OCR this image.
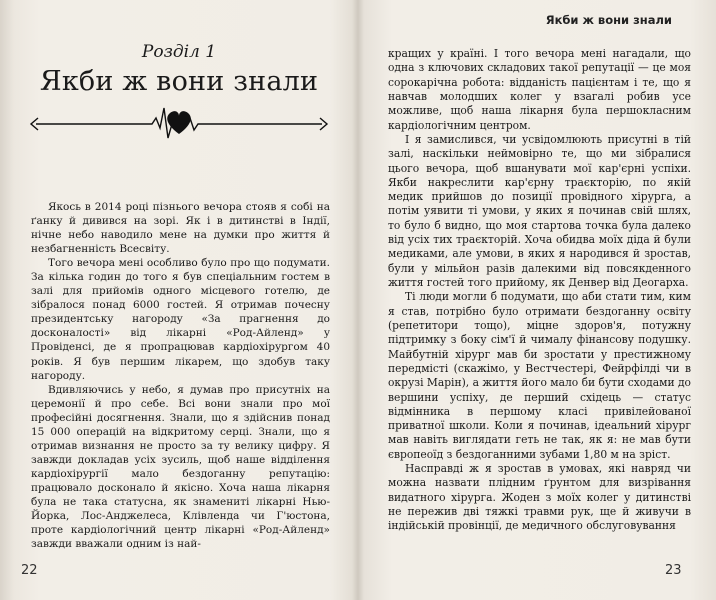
Розділ 1
Якби ж вони знали

Якось в 2014 році пізнього вечора стояв я собі на ґанку й дивився на зорі. Як і в дитинстві в Індії, нічне небо наводило мене на думки про життя й незбагненність Всесвіту.

Того вечора мені особливо було про що подумати. За кілька годин до того я був спеціальним гостем в залі для прийомів одного місцевого готелю, де зібралося понад 6000 гостей. Я отримав почесну президентську нагороду «За прагнення до досконалості» від лікарні «Род-Айленд» у Провіденсі, де я пропрацював кардіохірургом 40 років. Я був першим лікарем, що здобув таку нагороду.

Вдивляючись у небо, я думав про присутніх на церемонії й про себе. Всі вони знали про мої професійні досягнення. Знали, що я здійснив понад 15 000 операцій на відкритому серці. Знали, що я отримав визнання не просто за ту велику цифру. Я завжди докладав усіх зусиль, щоб наше відділення кардіохірургії мало бездоганну репутацію: працювало досконало й якісно. Хоча наша лікарня була не така статусна, як знамениті лікарні Нью-Йорка, Лос-Анджелеса, Клівленда чи Г'юстона, проте кардіологічний центр лікарні «Род-Айленд» завжди вважали одним із най-

22
Якби ж вони знали

кращих у країні. І того вечора мені нагадали, що одна з ключових складових такої репутації — це моя сорокарічна робота: відданість пацієнтам і те, що я навчав молодших колег у взагалі робив усе можливе, щоб наша лікарня була першокласним кардіологічним центром.

І я замислився, чи усвідомлюють присутні в тій залі, наскільки неймовірно те, що ми зібралися цього вечора, щоб вшанувати мої кар'єрні успіхи. Якби накреслити кар'єрну траєкторію, по якій медик прийшов до позиції провідного хірурга, а потім уявити ті умови, у яких я починав свій шлях, то було б видно, що моя стартова точка була далеко від усіх тих траєкторій. Хоча обидва моїх діда й були медиками, але умови, в яких я народився й зростав, були у мільйон разів далекими від повсякденного життя гостей того прийому, як Денвер від Деогарха.

Ті люди могли б подумати, що аби стати тим, ким я став, потрібно було отримати бездоганну освіту (репетитори тощо), міцне здоров'я, потужну підтримку з боку сім'ї й чималу фінансову подушку. Майбутній хірург мав би зростати у престижному передмісті (скажімо, у Вестчестері, Фейрфілді чи в окрузі Марін), а життя його мало би бути сходами до вершини успіху, де перший східець — статус відмінника в першому класі привілейованої приватної школи. Коли я починав, ідеальний хірург мав навіть виглядати геть не так, як я: не мав бути європеоїд з бездоганними зубами 1,80 м на зріст.

Насправді ж я зростав в умовах, які навряд чи можна назвати плідним ґрунтом для визрівання видатного хірурга. Жоден з моїх колег у дитинстві не пережив дві тяжкі травми рук, ще й живучи в індійській провінції, де медичного обслуговування

23
